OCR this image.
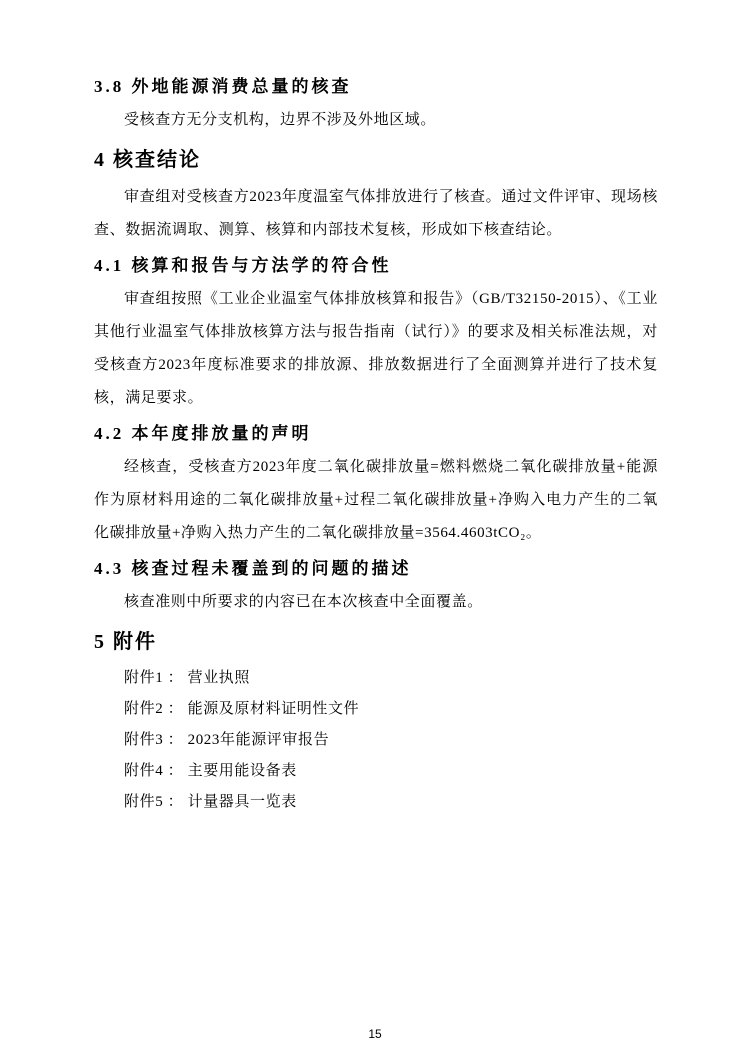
3.8 外地能源消费总量的核查

受核查方无分支机构，边界不涉及外地区域。

4 核查结论

审查组对受核查方2023年度温室气体排放进行了核查。通过文件评审、现场核查、数据流调取、测算、核算和内部技术复核，形成如下核查结论。

4.1 核算和报告与方法学的符合性

审查组按照《工业企业温室气体排放核算和报告》（GB/T32150-2015）、《工业其他行业温室气体排放核算方法与报告指南（试行）》的要求及相关标准法规，对受核查方2023年度标准要求的排放源、排放数据进行了全面测算并进行了技术复核，满足要求。

4.2 本年度排放量的声明

经核查，受核查方2023年度二氧化碳排放量=燃料燃烧二氧化碳排放量+能源作为原材料用途的二氧化碳排放量+过程二氧化碳排放量+净购入电力产生的二氧化碳排放量+净购入热力产生的二氧化碳排放量=3564.4603tCO₂。

4.3 核查过程未覆盖到的问题的描述

核查准则中所要求的内容已在本次核查中全面覆盖。

5 附件

附件1 ： 营业执照

附件2 ： 能源及原材料证明性文件

附件3 ： 2023年能源评审报告

附件4 ： 主要用能设备表

附件5 ： 计量器具一览表

15
